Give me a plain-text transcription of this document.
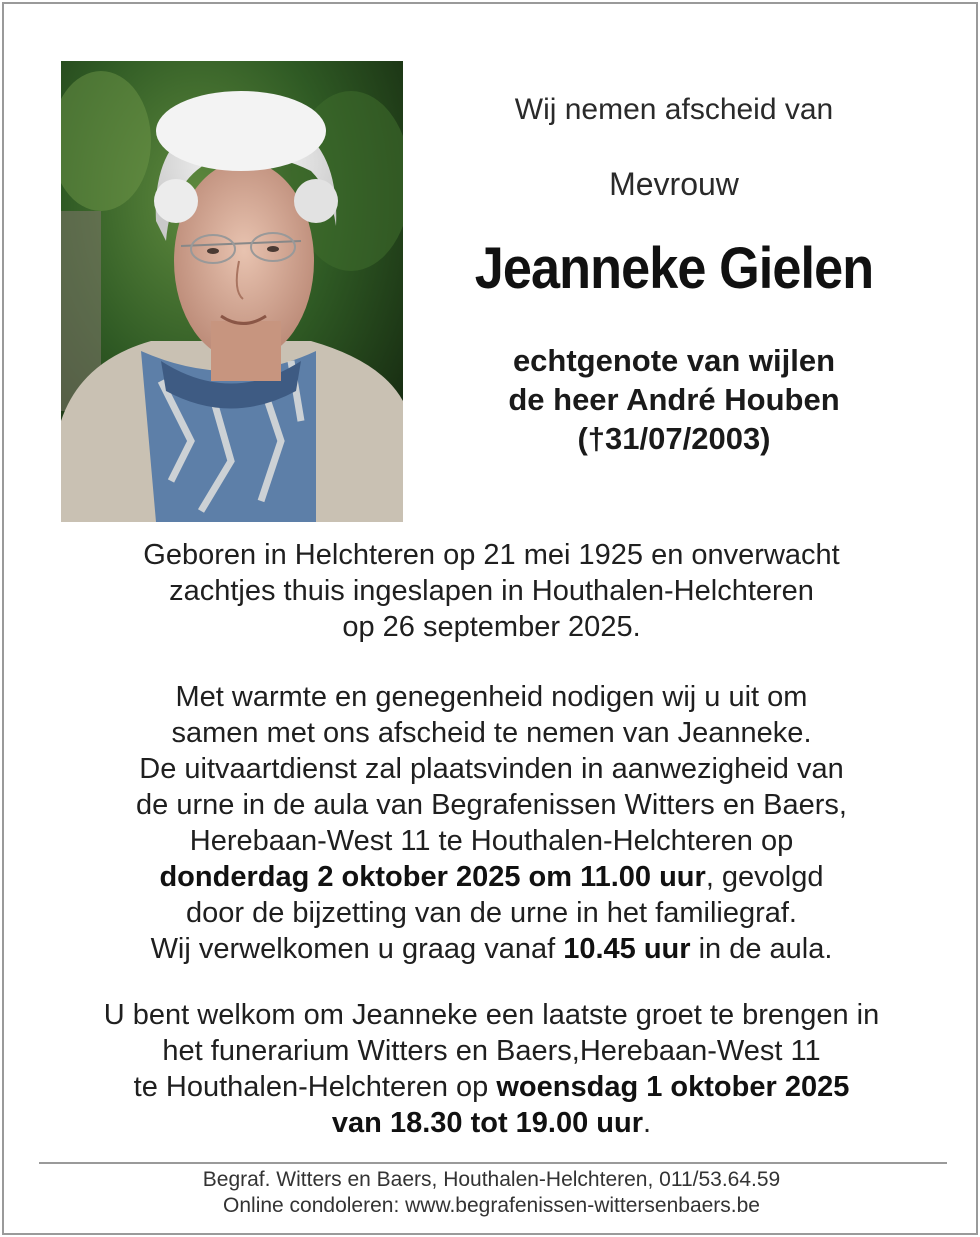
Wij nemen afscheid van
Mevrouw
Jeanneke Gielen
echtgenote van wijlen
de heer André Houben
(†31/07/2003)
Geboren in Helchteren op 21 mei 1925 en onverwacht
zachtjes thuis ingeslapen in Houthalen-Helchteren
op 26 september 2025.
Met warmte en genegenheid nodigen wij u uit om
samen met ons afscheid te nemen van Jeanneke.
De uitvaartdienst zal plaatsvinden in aanwezigheid van
de urne in de aula van Begrafenissen Witters en Baers,
Herebaan-West 11 te Houthalen-Helchteren op
donderdag 2 oktober 2025 om 11.00 uur, gevolgd
door de bijzetting van de urne in het familiegraf.
Wij verwelkomen u graag vanaf 10.45 uur in de aula.
U bent welkom om Jeanneke een laatste groet te brengen in
het funerarium Witters en Baers,Herebaan-West 11
te Houthalen-Helchteren op woensdag 1 oktober 2025
van 18.30 tot 19.00 uur.
Begraf. Witters en Baers, Houthalen-Helchteren, 011/53.64.59
Online condoleren: www.begrafenissen-wittersenbaers.be
